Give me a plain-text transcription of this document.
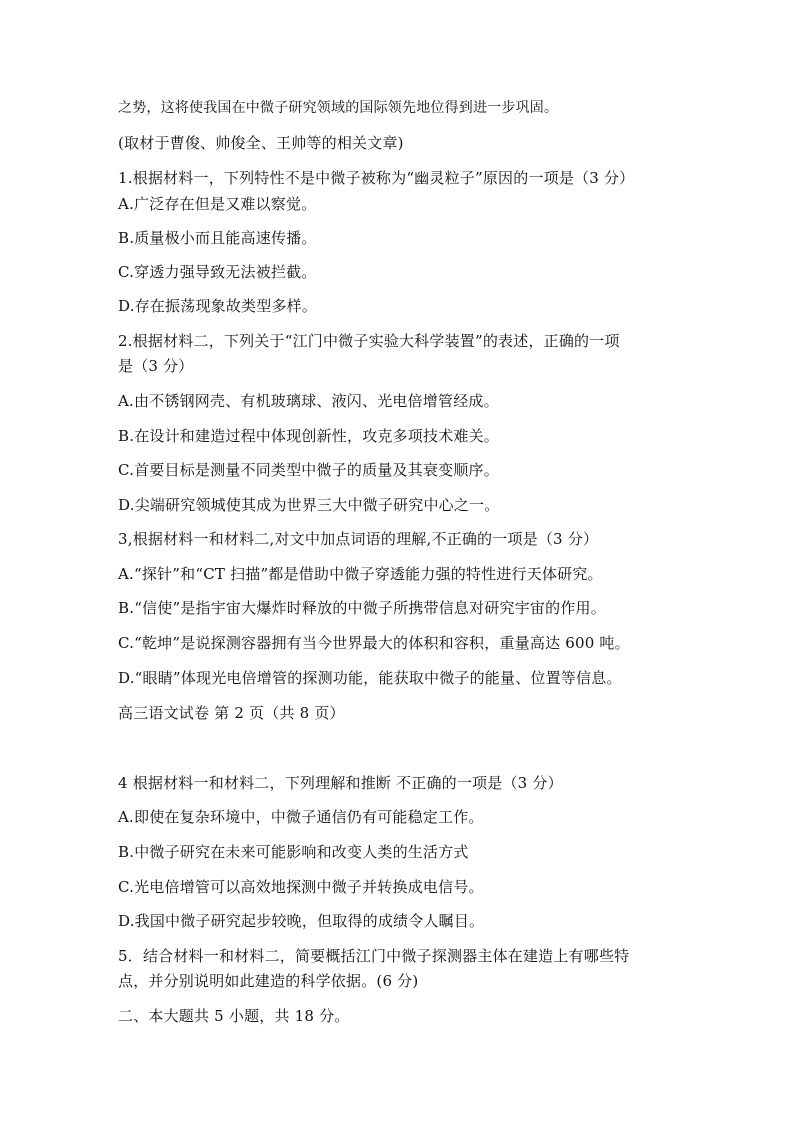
之势，这将使我国在中微子研究领域的国际领先地位得到进一步巩固。
(取材于曹俊、帅俊全、王帅等的相关文章)
1.根据材料一，下列特性不是中微子被称为“幽灵粒子”原因的一项是（3 分）
A.广泛存在但是又难以察觉。
B.质量极小而且能高速传播。
C.穿透力强导致无法被拦截。
D.存在振荡现象故类型多样。
2.根据材料二，下列关于“江门中微子实验大科学装置”的表述，正确的一项
是（3 分）
A.由不锈钢网壳、有机玻璃球、液闪、光电倍增管经成。
B.在设计和建造过程中体现创新性，攻克多项技术难关。
C.首要目标是测量不同类型中微子的质量及其衰变顺序。
D.尖端研究领城使其成为世界三大中微子研究中心之一。
3,根据材料一和材料二,对文中加点词语的理解,不正确的一项是（3 分）
A.“探针”和“CT 扫描”都是借助中微子穿透能力强的特性进行天体研究。
B.“信使”是指宇宙大爆炸时释放的中微子所携带信息对研究宇宙的作用。
C.“乾坤”是说探测容器拥有当今世界最大的体积和容积，重量高达 600 吨。
D.“眼睛”体现光电倍增管的探测功能，能获取中微子的能量、位置等信息。
高三语文试卷 第 2 页（共 8 页）
4 根据材料一和材料二，下列理解和推断 不正确的一项是（3 分）
A.即使在复杂环境中，中微子通信仍有可能稳定工作。
B.中微子研究在未来可能影响和改变人类的生活方式
C.光电倍增管可以高效地探测中微子并转换成电信号。
D.我国中微子研究起步较晚，但取得的成绩令人瞩目。
5．结合材料一和材料二，简要概括江门中微子探测器主体在建造上有哪些特
点，并分别说明如此建造的科学依据。(6 分)
二、本大题共 5 小题，共 18 分。
